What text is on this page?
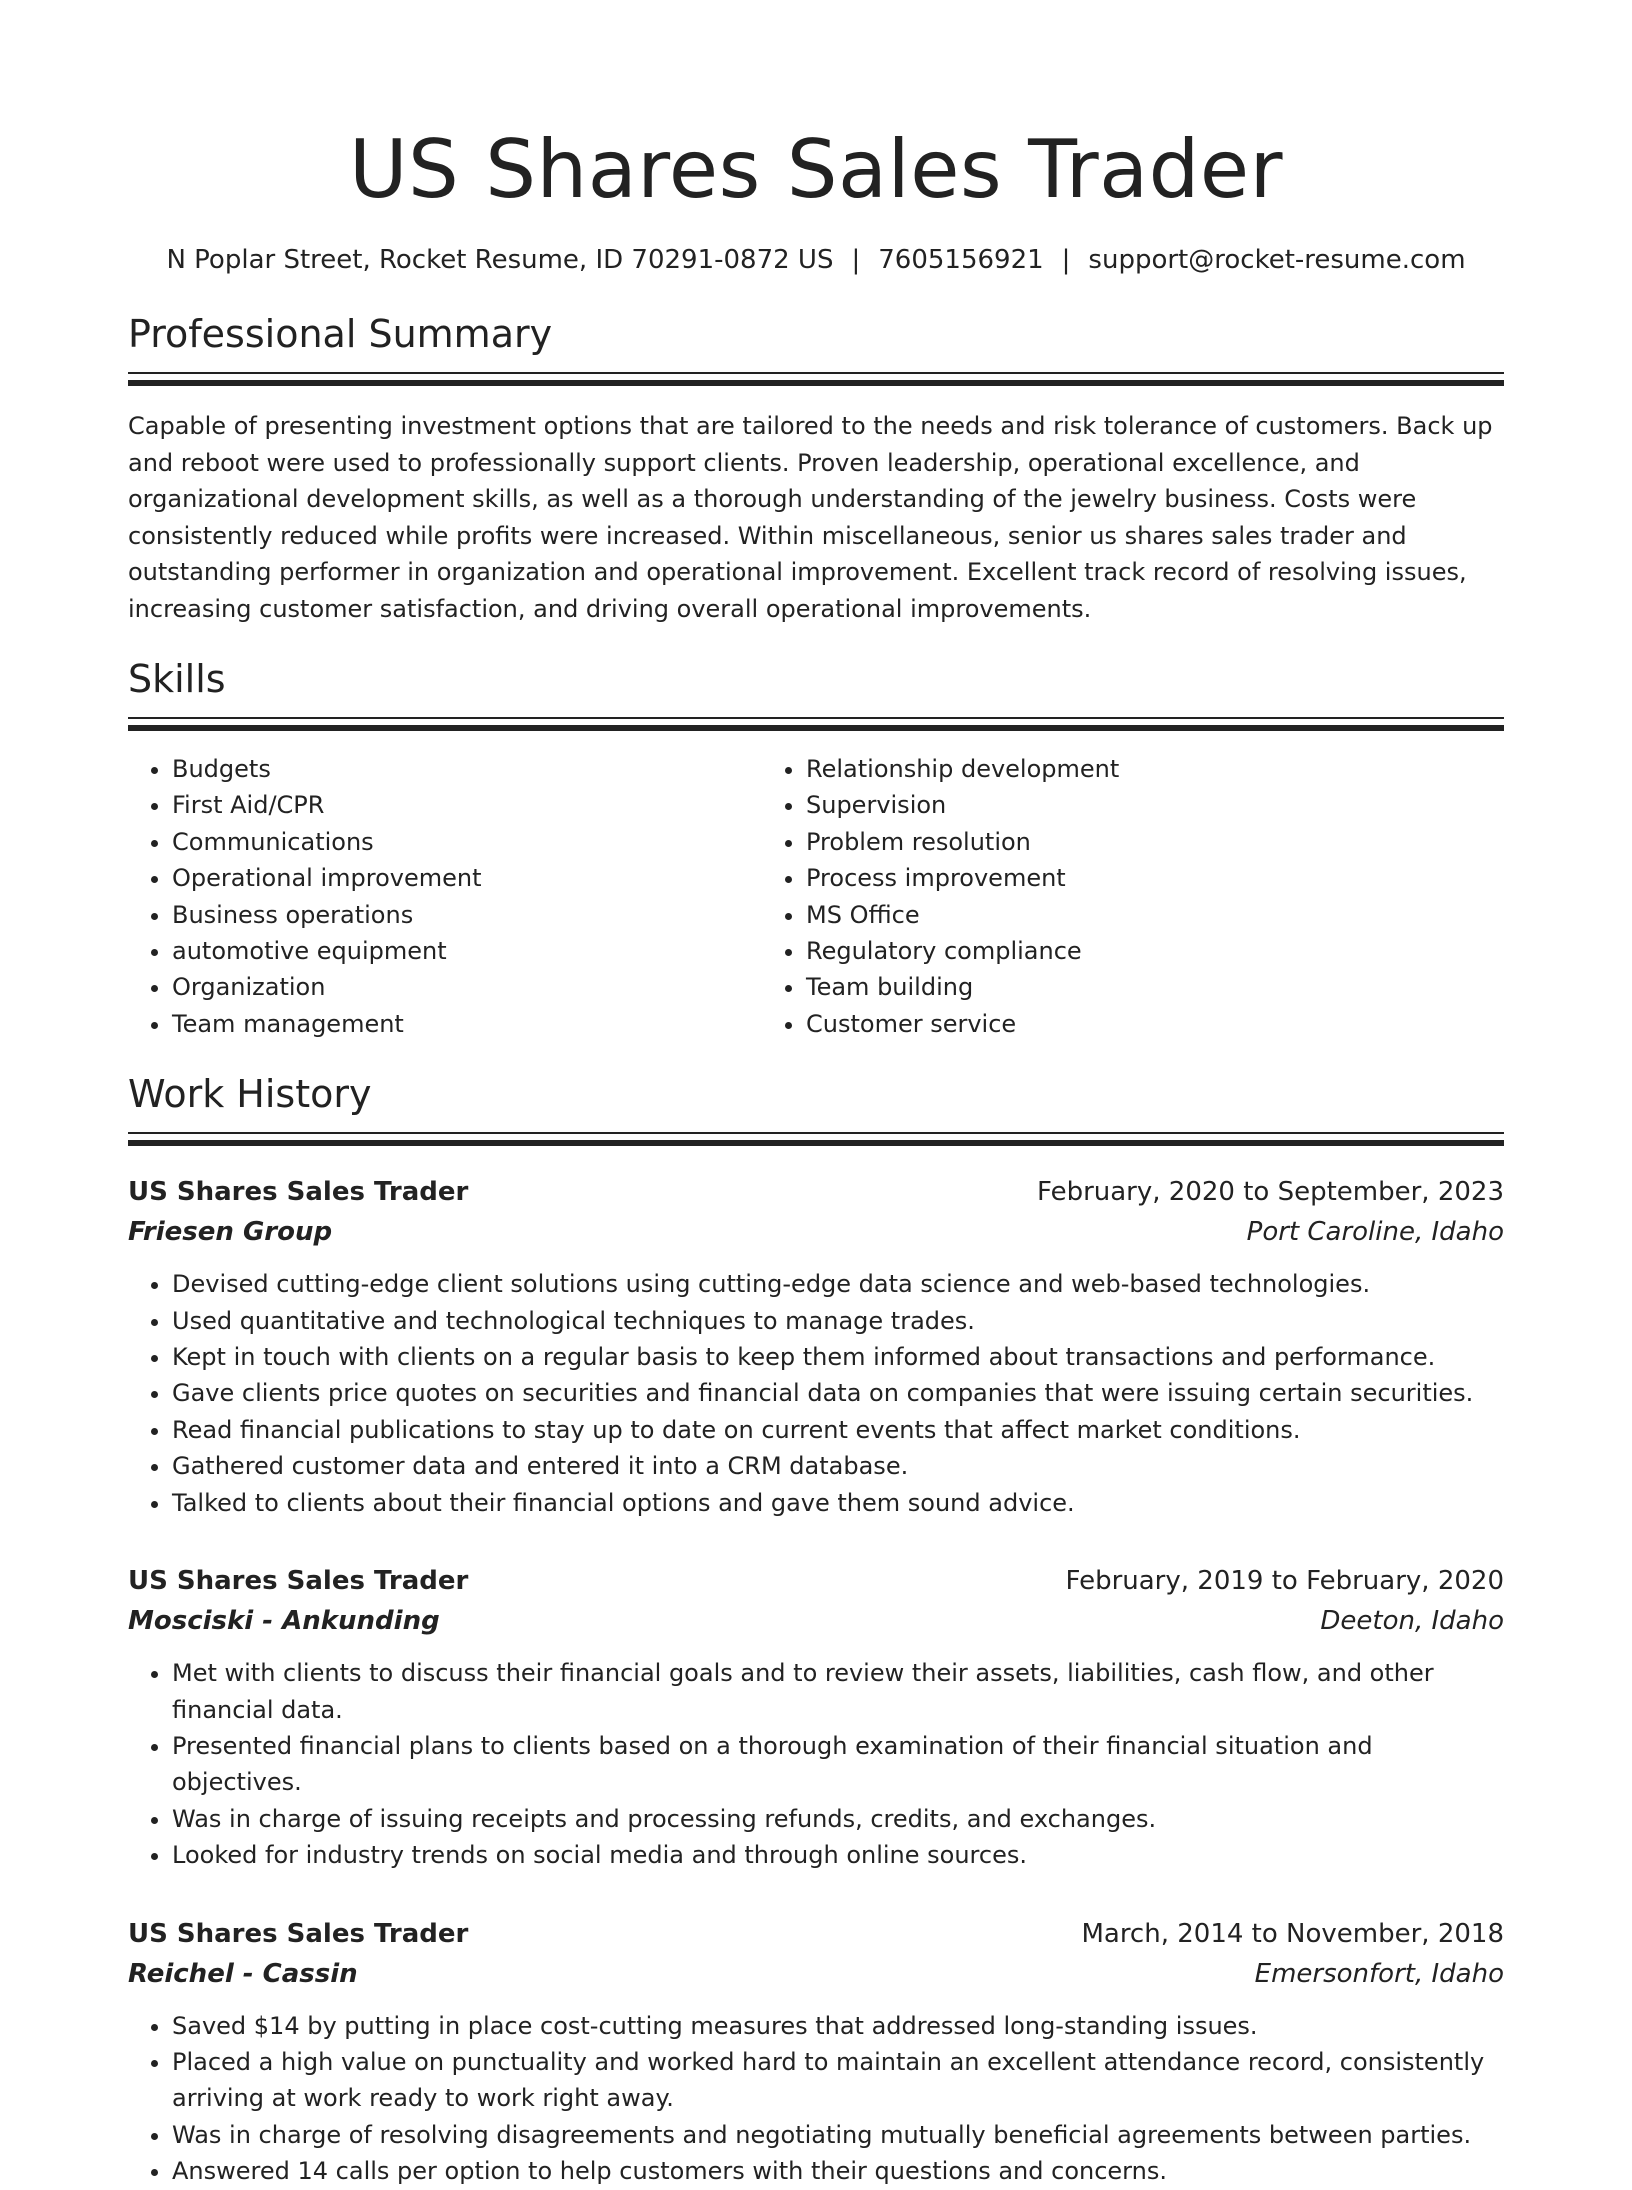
US Shares Sales Trader
N Poplar Street, Rocket Resume, ID 70291-0872 US | 7605156921 | support@rocket-resume.com
Professional Summary
Capable of presenting investment options that are tailored to the needs and risk tolerance of customers. Back up and reboot were used to professionally support clients. Proven leadership, operational excellence, and organizational development skills, as well as a thorough understanding of the jewelry business. Costs were consistently reduced while profits were increased. Within miscellaneous, senior us shares sales trader and outstanding performer in organization and operational improvement. Excellent track record of resolving issues, increasing customer satisfaction, and driving overall operational improvements.
Skills
• Budgets
• First Aid/CPR
• Communications
• Operational improvement
• Business operations
• automotive equipment
• Organization
• Team management
• Relationship development
• Supervision
• Problem resolution
• Process improvement
• MS Office
• Regulatory compliance
• Team building
• Customer service
Work History
US Shares Sales Trader	February, 2020 to September, 2023
Friesen Group	Port Caroline, Idaho
• Devised cutting-edge client solutions using cutting-edge data science and web-based technologies.
• Used quantitative and technological techniques to manage trades.
• Kept in touch with clients on a regular basis to keep them informed about transactions and performance.
• Gave clients price quotes on securities and financial data on companies that were issuing certain securities.
• Read financial publications to stay up to date on current events that affect market conditions.
• Gathered customer data and entered it into a CRM database.
• Talked to clients about their financial options and gave them sound advice.
US Shares Sales Trader	February, 2019 to February, 2020
Mosciski - Ankunding	Deeton, Idaho
• Met with clients to discuss their financial goals and to review their assets, liabilities, cash flow, and other financial data.
• Presented financial plans to clients based on a thorough examination of their financial situation and objectives.
• Was in charge of issuing receipts and processing refunds, credits, and exchanges.
• Looked for industry trends on social media and through online sources.
US Shares Sales Trader	March, 2014 to November, 2018
Reichel - Cassin	Emersonfort, Idaho
• Saved $14 by putting in place cost-cutting measures that addressed long-standing issues.
• Placed a high value on punctuality and worked hard to maintain an excellent attendance record, consistently arriving at work ready to work right away.
• Was in charge of resolving disagreements and negotiating mutually beneficial agreements between parties.
• Answered 14 calls per option to help customers with their questions and concerns.
